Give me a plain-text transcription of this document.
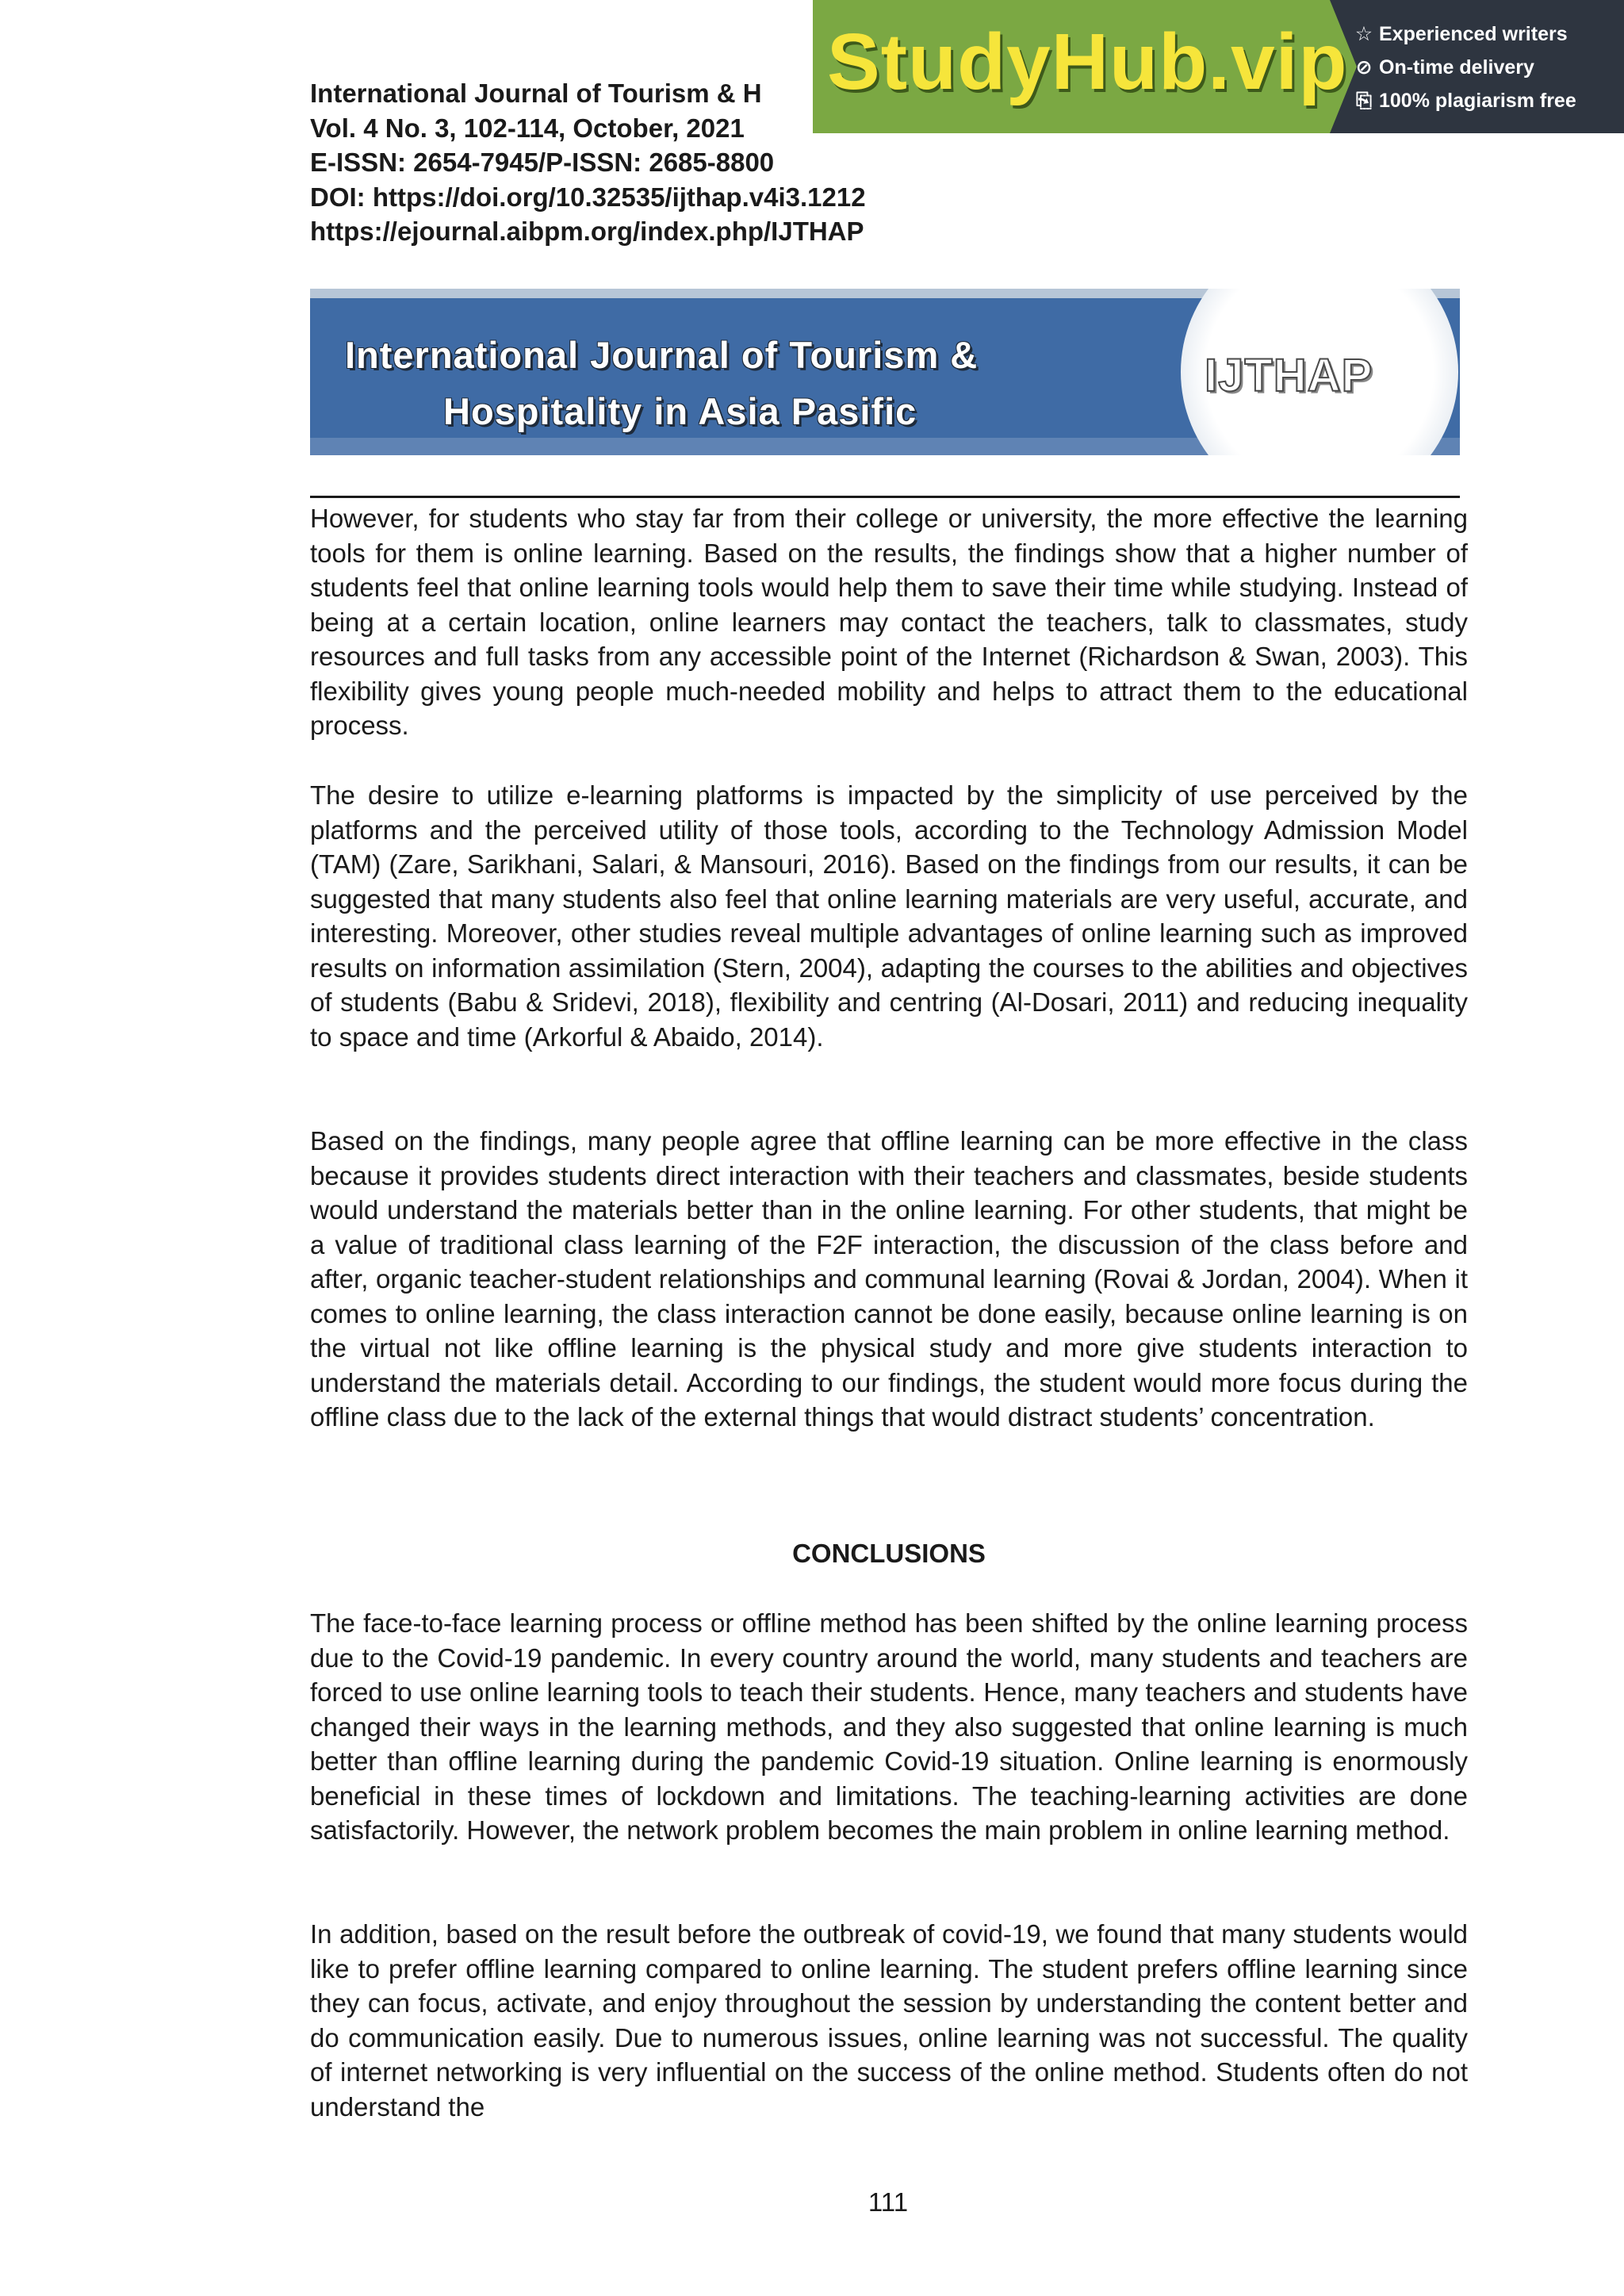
International Journal of Tourism & H
Vol. 4 No. 3, 102-114, October, 2021
E-ISSN: 2654-7945/P-ISSN: 2685-8800
DOI: https://doi.org/10.32535/ijthap.v4i3.1212
https://ejournal.aibpm.org/index.php/IJTHAP
StudyHub.vip ☆ Experienced writers
⊘ On-time delivery
⎘ 100% plagiarism free
International Journal of Tourism &
Hospitality in Asia Pasific
IJTHAP

However, for students who stay far from their college or university, the more effective the learning tools for them is online learning. Based on the results, the findings show that a higher number of students feel that online learning tools would help them to save their time while studying. Instead of being at a certain location, online learners may contact the teachers, talk to classmates, study resources and full tasks from any accessible point of the Internet (Richardson & Swan, 2003). This flexibility gives young people much-needed mobility and helps to attract them to the educational process.

The desire to utilize e-learning platforms is impacted by the simplicity of use perceived by the platforms and the perceived utility of those tools, according to the Technology Admission Model (TAM) (Zare, Sarikhani, Salari, & Mansouri, 2016). Based on the findings from our results, it can be suggested that many students also feel that online learning materials are very useful, accurate, and interesting. Moreover, other studies reveal multiple advantages of online learning such as improved results on information assimilation (Stern, 2004), adapting the courses to the abilities and objectives of students (Babu & Sridevi, 2018), flexibility and centring (Al-Dosari, 2011) and reducing inequality to space and time (Arkorful & Abaido, 2014).

Based on the findings, many people agree that offline learning can be more effective in the class because it provides students direct interaction with their teachers and classmates, beside students would understand the materials better than in the online learning. For other students, that might be a value of traditional class learning of the F2F interaction, the discussion of the class before and after, organic teacher-student relationships and communal learning (Rovai & Jordan, 2004). When it comes to online learning, the class interaction cannot be done easily, because online learning is on the virtual not like offline learning is the physical study and more give students interaction to understand the materials detail. According to our findings, the student would more focus during the offline class due to the lack of the external things that would distract students’ concentration.

CONCLUSIONS

The face-to-face learning process or offline method has been shifted by the online learning process due to the Covid-19 pandemic. In every country around the world, many students and teachers are forced to use online learning tools to teach their students. Hence, many teachers and students have changed their ways in the learning methods, and they also suggested that online learning is much better than offline learning during the pandemic Covid-19 situation. Online learning is enormously beneficial in these times of lockdown and limitations. The teaching-learning activities are done satisfactorily. However, the network problem becomes the main problem in online learning method.

In addition, based on the result before the outbreak of covid-19, we found that many students would like to prefer offline learning compared to online learning. The student prefers offline learning since they can focus, activate, and enjoy throughout the session by understanding the content better and do communication easily. Due to numerous issues, online learning was not successful. The quality of internet networking is very influential on the success of the online method. Students often do not understand the

111
